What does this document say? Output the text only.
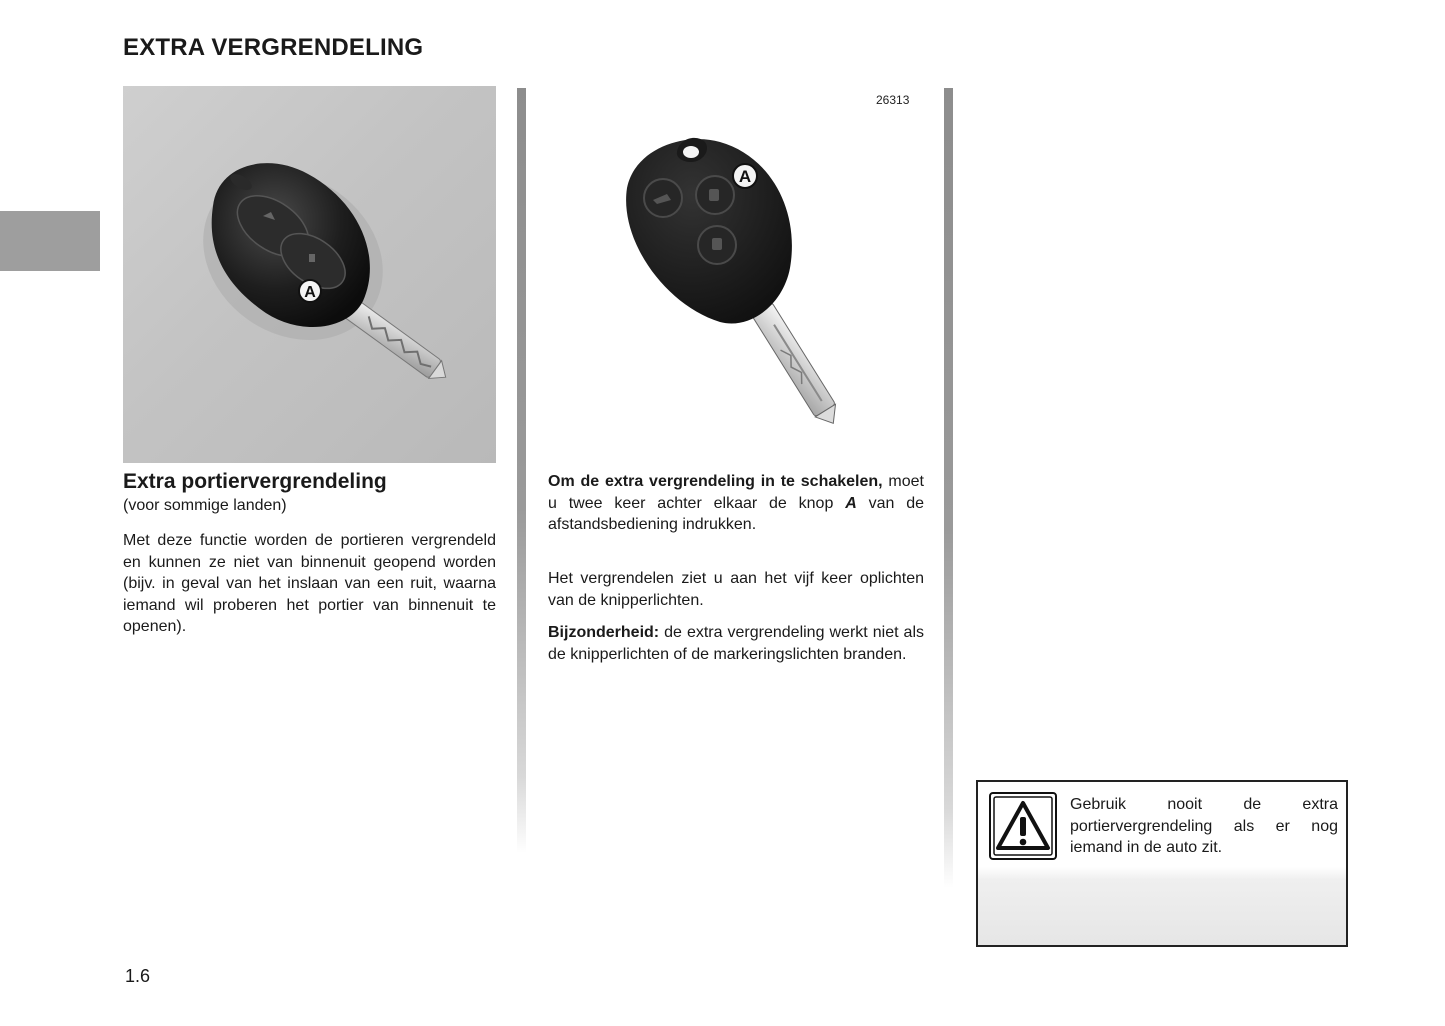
EXTRA VERGRENDELING
A
A
26313
Extra portiervergrendeling
(voor sommige landen)
Met deze functie worden de portieren vergrendeld en kunnen ze niet van binnenuit geopend worden (bijv. in geval van het inslaan van een ruit, waarna iemand wil proberen het portier van binnenuit te openen).
Om de extra vergrendeling in te schakelen, moet u twee keer achter elkaar de knop A van de afstandsbediening indrukken.
Het vergrendelen ziet u aan het vijf keer oplichten van de knipperlichten.
Bijzonderheid: de extra vergrendeling werkt niet als de knipperlichten of de markeringslichten branden.
Gebruik nooit de extra portiervergrendeling als er nog iemand in de auto zit.
1.6
